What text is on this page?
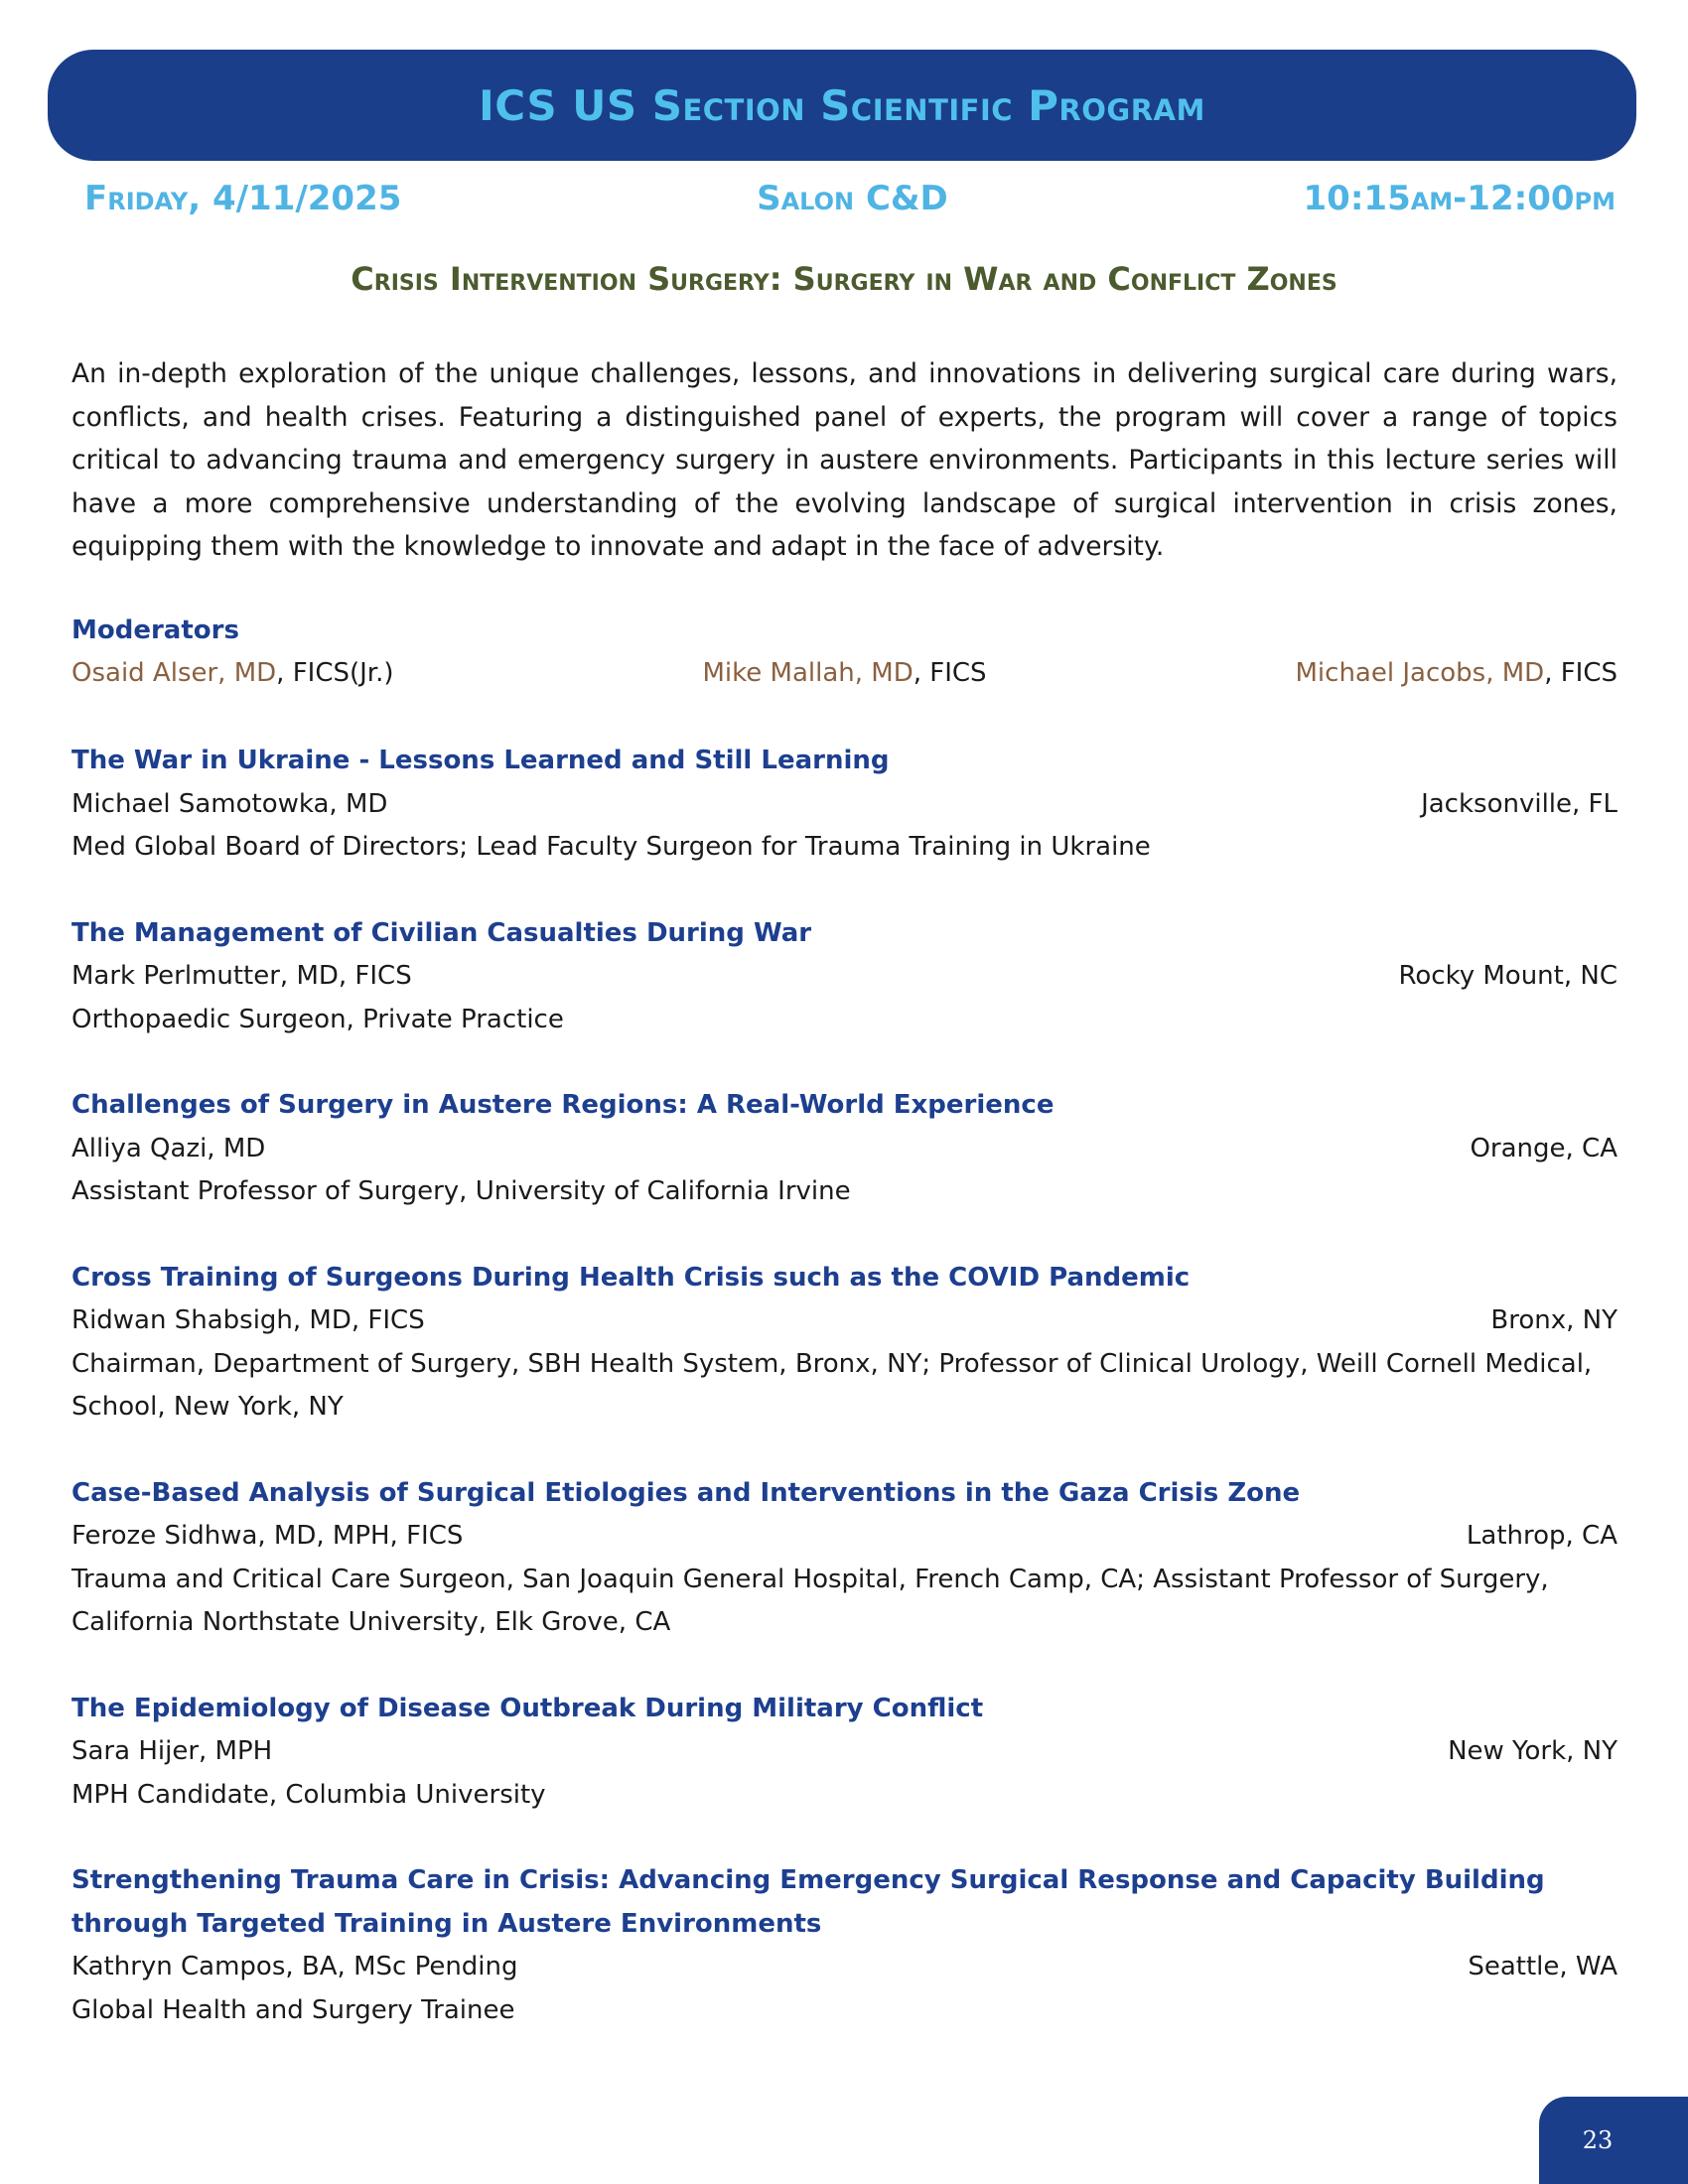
ICS US Section Scientific Program
Friday, 4/11/2025	Salon C&D	10:15am-12:00pm
Crisis Intervention Surgery: Surgery in War and Conflict Zones

An in-depth exploration of the unique challenges, lessons, and innovations in delivering surgical care during wars, conflicts, and health crises. Featuring a distinguished panel of experts, the program will cover a range of topics critical to advancing trauma and emergency surgery in austere environments. Participants in this lecture series will have a more comprehensive understanding of the evolving landscape of surgical intervention in crisis zones, equipping them with the knowledge to innovate and adapt in the face of adversity.

Moderators
Osaid Alser, MD, FICS(Jr.)	Mike Mallah, MD, FICS	Michael Jacobs, MD, FICS
The War in Ukraine - Lessons Learned and Still Learning
Michael Samotowka, MD	Jacksonville, FL
Med Global Board of Directors; Lead Faculty Surgeon for Trauma Training in Ukraine
The Management of Civilian Casualties During War
Mark Perlmutter, MD, FICS	Rocky Mount, NC
Orthopaedic Surgeon, Private Practice
Challenges of Surgery in Austere Regions: A Real-World Experience
Alliya Qazi, MD	Orange, CA
Assistant Professor of Surgery, University of California Irvine
Cross Training of Surgeons During Health Crisis such as the COVID Pandemic
Ridwan Shabsigh, MD, FICS	Bronx, NY
Chairman, Department of Surgery, SBH Health System, Bronx, NY; Professor of Clinical Urology, Weill Cornell Medical, School, New York, NY
Case-Based Analysis of Surgical Etiologies and Interventions in the Gaza Crisis Zone
Feroze Sidhwa, MD, MPH, FICS	Lathrop, CA
Trauma and Critical Care Surgeon, San Joaquin General Hospital, French Camp, CA; Assistant Professor of Surgery, California Northstate University, Elk Grove, CA
The Epidemiology of Disease Outbreak During Military Conflict
Sara Hijer, MPH	New York, NY
MPH Candidate, Columbia University
Strengthening Trauma Care in Crisis: Advancing Emergency Surgical Response and Capacity Building through Targeted Training in Austere Environments
Kathryn Campos, BA, MSc Pending	Seattle, WA
Global Health and Surgery Trainee
23
